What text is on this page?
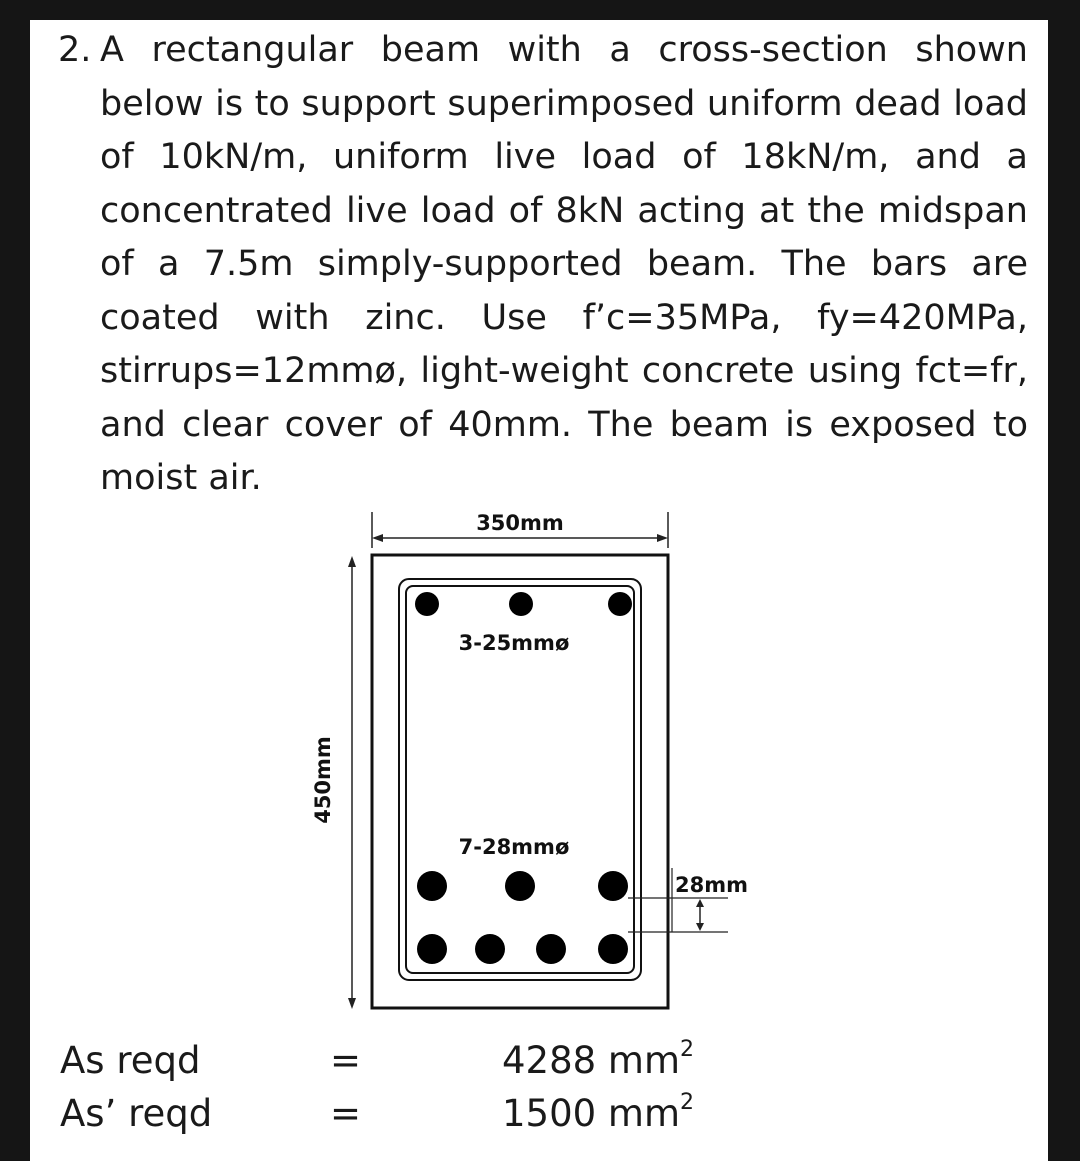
2. A rectangular beam with a cross-section shown below is to support superimposed uniform dead load of 10kN/m, uniform live load of 18kN/m, and a concentrated live load of 8kN acting at the midspan of a 7.5m simply-supported beam. The bars are coated with zinc. Use f’c=35MPa, fy=420MPa, stirrups=12mmø, light-weight concrete using fct=fr, and clear cover of 40mm. The beam is exposed to moist air.
350mm
450mm
3-25mmø
7-28mmø
28mm
As reqd	=	4288 $mm^2$
As’ reqd	=	1500 $mm^2$
